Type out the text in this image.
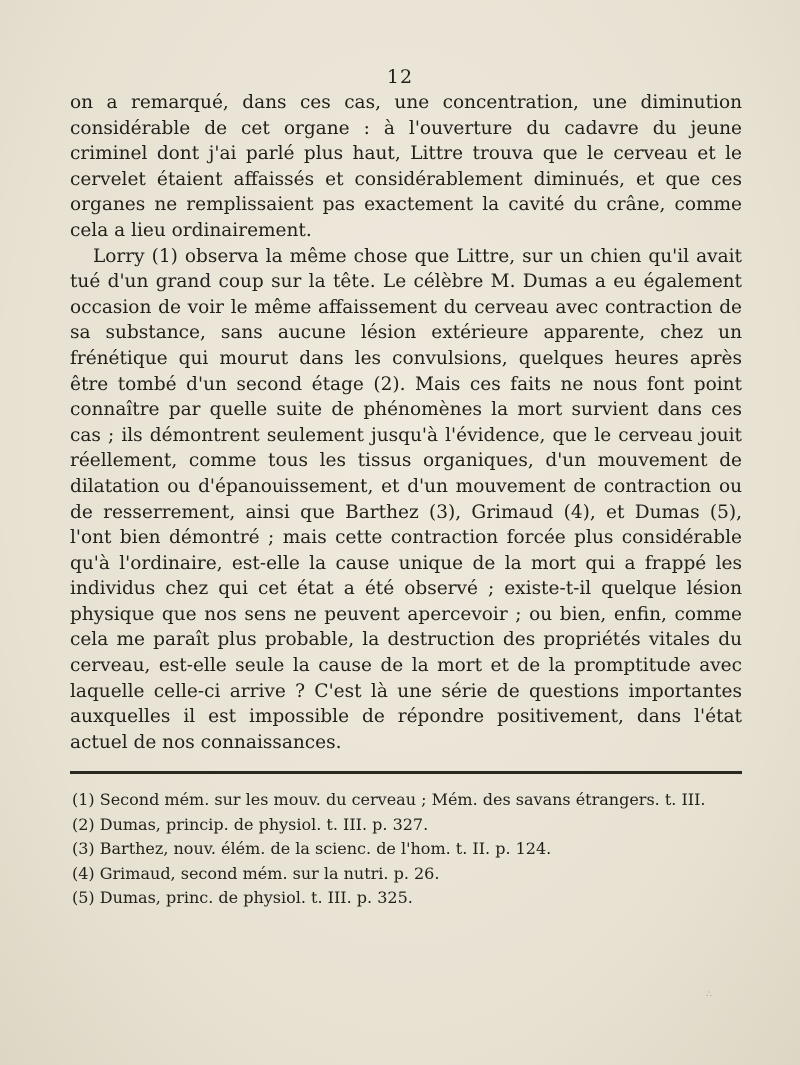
12

on a remarqué, dans ces cas, une concentration, une diminution considérable de cet organe : à l'ouverture du cadavre du jeune criminel dont j'ai parlé plus haut, Littre trouva que le cerveau et le cervelet étaient affaissés et considérablement diminués, et que ces organes ne remplissaient pas exactement la cavité du crâne, comme cela a lieu ordinairement.

Lorry (1) observa la même chose que Littre, sur un chien qu'il avait tué d'un grand coup sur la tête. Le célèbre M. Dumas a eu également occasion de voir le même affaissement du cerveau avec contraction de sa substance, sans aucune lésion extérieure apparente, chez un frénétique qui mourut dans les convulsions, quelques heures après être tombé d'un second étage (2). Mais ces faits ne nous font point connaître par quelle suite de phénomènes la mort survient dans ces cas ; ils démontrent seulement jusqu'à l'évidence, que le cerveau jouit réellement, comme tous les tissus organiques, d'un mouvement de dilatation ou d'épanouissement, et d'un mouvement de contraction ou de resserrement, ainsi que Barthez (3), Grimaud (4), et Dumas (5), l'ont bien démontré ; mais cette contraction forcée plus considérable qu'à l'ordinaire, est-elle la cause unique de la mort qui a frappé les individus chez qui cet état a été observé ; existe-t-il quelque lésion physique que nos sens ne peuvent apercevoir ; ou bien, enfin, comme cela me paraît plus probable, la destruction des propriétés vitales du cerveau, est-elle seule la cause de la mort et de la promptitude avec laquelle celle-ci arrive ? C'est là une série de questions importantes auxquelles il est impossible de répondre positivement, dans l'état actuel de nos connaissances.

(1) Second mém. sur les mouv. du cerveau ; Mém. des savans étrangers. t. III.
(2) Dumas, princip. de physiol. t. III. p. 327.
(3) Barthez, nouv. élém. de la scienc. de l'hom. t. II. p. 124.
(4) Grimaud, second mém. sur la nutri. p. 26.
(5) Dumas, princ. de physiol. t. III. p. 325.
∴
